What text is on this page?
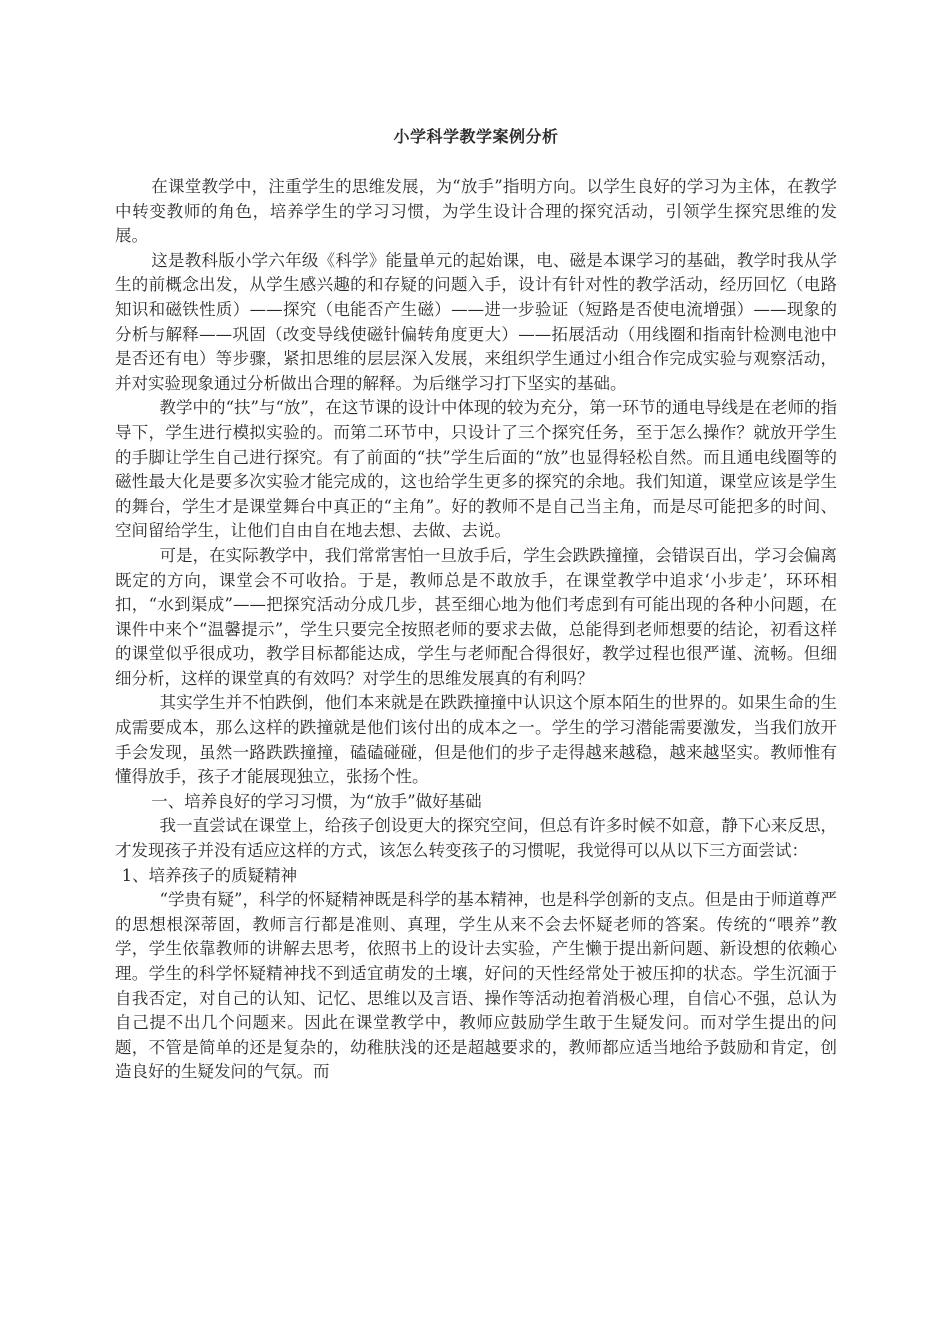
小学科学教学案例分析

在课堂教学中，注重学生的思维发展，为“放手”指明方向。以学生良好的学习为主体，在教学中转变教师的角色，培养学生的学习习惯，为学生设计合理的探究活动，引领学生探究思维的发展。

这是教科版小学六年级《科学》能量单元的起始课，电、磁是本课学习的基础，教学时我从学生的前概念出发，从学生感兴趣的和存疑的问题入手，设计有针对性的教学活动，经历回忆（电路知识和磁铁性质）——探究（电能否产生磁）——进一步验证（短路是否使电流增强）——现象的分析与解释——巩固（改变导线使磁针偏转角度更大）——拓展活动（用线圈和指南针检测电池中是否还有电）等步骤，紧扣思维的层层深入发展，来组织学生通过小组合作完成实验与观察活动，并对实验现象通过分析做出合理的解释。为后继学习打下坚实的基础。

教学中的“扶”与“放”，在这节课的设计中体现的较为充分，第一环节的通电导线是在老师的指导下，学生进行模拟实验的。而第二环节中，只设计了三个探究任务，至于怎么操作？就放开学生的手脚让学生自己进行探究。有了前面的“扶”学生后面的“放”也显得轻松自然。而且通电线圈等的磁性最大化是要多次实验才能完成的，这也给学生更多的探究的余地。我们知道，课堂应该是学生的舞台，学生才是课堂舞台中真正的“主角”。好的教师不是自己当主角，而是尽可能把多的时间、空间留给学生，让他们自由自在地去想、去做、去说。

可是，在实际教学中，我们常常害怕一旦放手后，学生会跌跌撞撞，会错误百出，学习会偏离既定的方向，课堂会不可收拾。于是，教师总是不敢放手，在课堂教学中追求‘小步走’，环环相扣，“水到渠成”——把探究活动分成几步，甚至细心地为他们考虑到有可能出现的各种小问题，在课件中来个“温馨提示”，学生只要完全按照老师的要求去做，总能得到老师想要的结论，初看这样的课堂似乎很成功，教学目标都能达成，学生与老师配合得很好，教学过程也很严谨、流畅。但细细分析，这样的课堂真的有效吗？对学生的思维发展真的有利吗？

其实学生并不怕跌倒，他们本来就是在跌跌撞撞中认识这个原本陌生的世界的。如果生命的生成需要成本，那么这样的跌撞就是他们该付出的成本之一。学生的学习潜能需要激发，当我们放开手会发现，虽然一路跌跌撞撞，磕磕碰碰，但是他们的步子走得越来越稳，越来越坚实。教师惟有懂得放手，孩子才能展现独立，张扬个性。

一、培养良好的学习习惯，为“放手”做好基础

我一直尝试在课堂上，给孩子创设更大的探究空间，但总有许多时候不如意，静下心来反思，才发现孩子并没有适应这样的方式，该怎么转变孩子的习惯呢，我觉得可以从以下三方面尝试：

1、培养孩子的质疑精神

“学贵有疑”，科学的怀疑精神既是科学的基本精神，也是科学创新的支点。但是由于师道尊严的思想根深蒂固，教师言行都是准则、真理，学生从来不会去怀疑老师的答案。传统的“喂养”教学，学生依靠教师的讲解去思考，依照书上的设计去实验，产生懒于提出新问题、新设想的依赖心理。学生的科学怀疑精神找不到适宜萌发的土壤，好问的天性经常处于被压抑的状态。学生沉湎于自我否定，对自己的认知、记忆、思维以及言语、操作等活动抱着消极心理，自信心不强，总认为自己提不出几个问题来。因此在课堂教学中，教师应鼓励学生敢于生疑发问。而对学生提出的问题，不管是简单的还是复杂的，幼稚肤浅的还是超越要求的，教师都应适当地给予鼓励和肯定，创造良好的生疑发问的气氛。而
